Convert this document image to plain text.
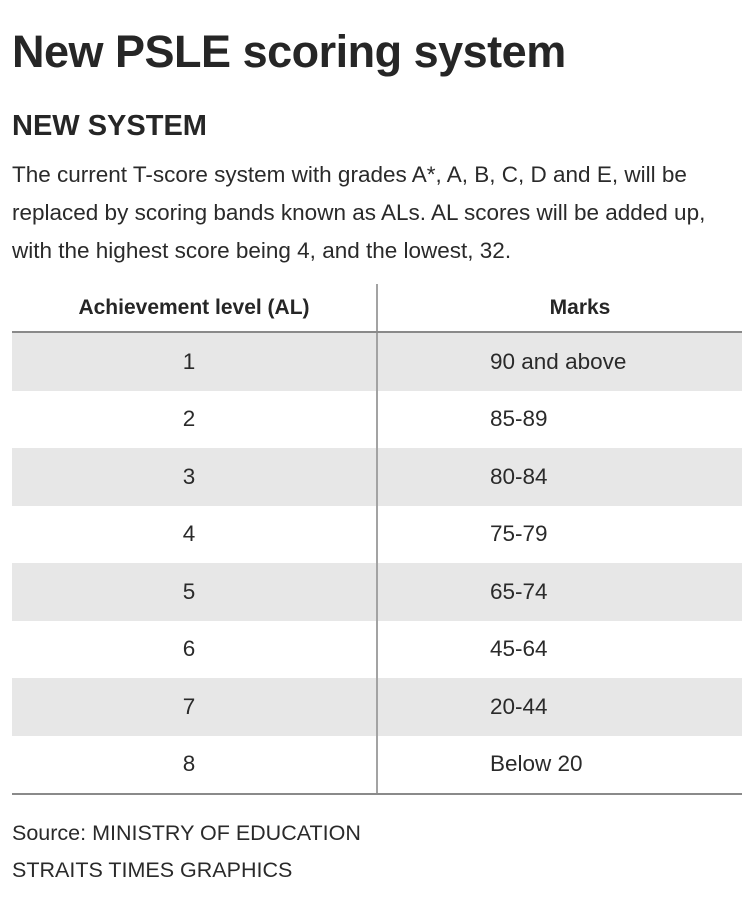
New PSLE scoring system
NEW SYSTEM

The current T-score system with grades A*, A, B, C, D and E, will be replaced by scoring bands known as ALs. AL scores will be added up, with the highest score being 4, and the lowest, 32.

Achievement level (AL)	Marks
1	90 and above
2	85-89
3	80-84
4	75-79
5	65-74
6	45-64
7	20-44
8	Below 20

Source: MINISTRY OF EDUCATION
STRAITS TIMES GRAPHICS
